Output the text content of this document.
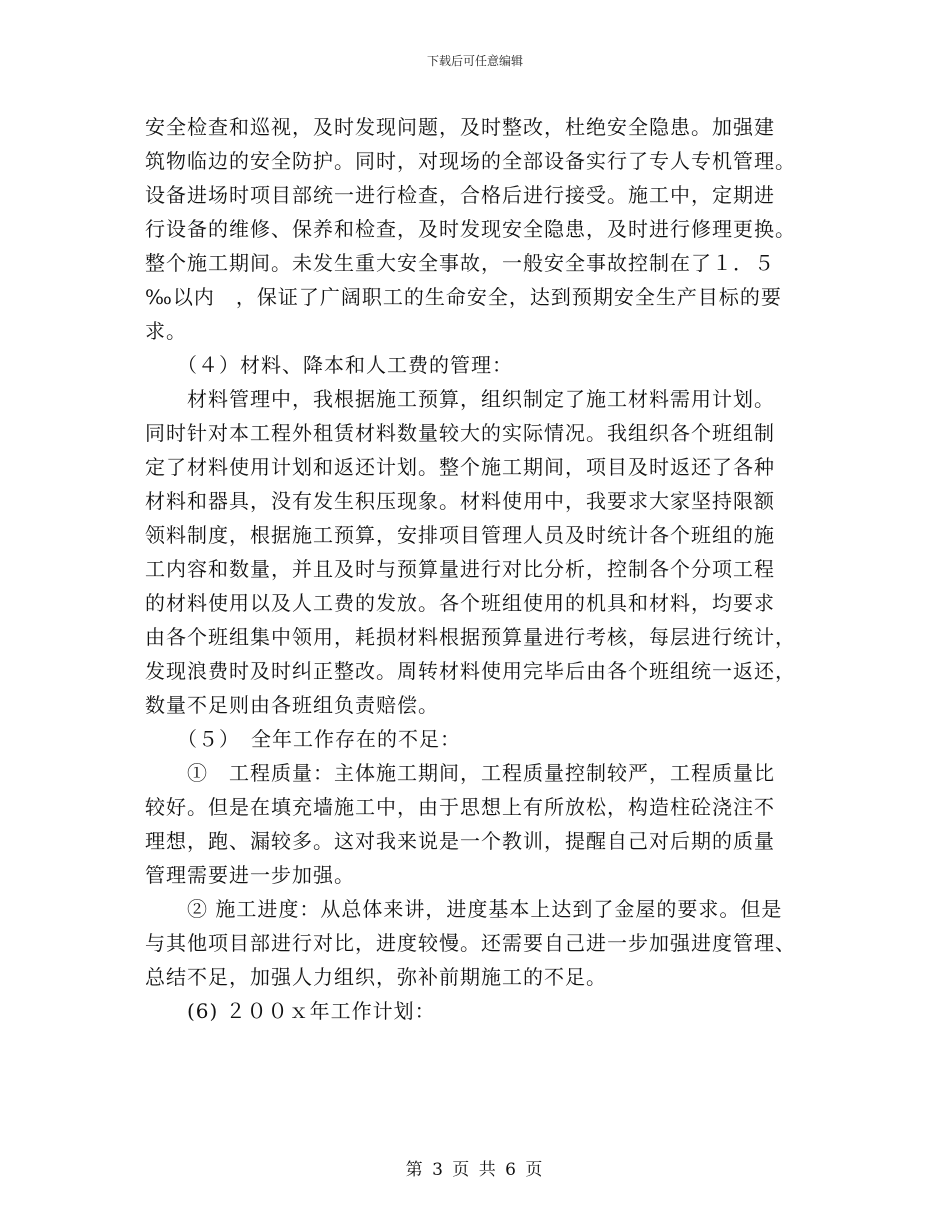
下载后可任意编辑
安全检查和巡视，及时发现问题，及时整改，杜绝安全隐患。加强建
筑物临边的安全防护。同时，对现场的全部设备实行了专人专机管理。
设备进场时项目部统一进行检查，合格后进行接受。施工中，定期进
行设备的维修、保养和检查，及时发现安全隐患，及时进行修理更换。
整个施工期间。未发生重大安全事故，一般安全事故控制在了１．５
‰以内　，保证了广阔职工的生命安全，达到预期安全生产目标的要
求。
　　（４）材料、降本和人工费的管理：
　　材料管理中，我根据施工预算，组织制定了施工材料需用计划。
同时针对本工程外租赁材料数量较大的实际情况。我组织各个班组制
定了材料使用计划和返还计划。整个施工期间，项目及时返还了各种
材料和器具，没有发生积压现象。材料使用中，我要求大家坚持限额
领料制度，根据施工预算，安排项目管理人员及时统计各个班组的施
工内容和数量，并且及时与预算量进行对比分析，控制各个分项工程
的材料使用以及人工费的发放。各个班组使用的机具和材料，均要求
由各个班组集中领用，耗损材料根据预算量进行考核，每层进行统计，
发现浪费时及时纠正整改。周转材料使用完毕后由各个班组统一返还，
数量不足则由各班组负责赔偿。
　　（５）　全年工作存在的不足：
　　①　工程质量：主体施工期间，工程质量控制较严，工程质量比
较好。但是在填充墙施工中，由于思想上有所放松，构造柱砼浇注不
理想，跑、漏较多。这对我来说是一个教训，提醒自己对后期的质量
管理需要进一步加强。
　　② 施工进度：从总体来讲，进度基本上达到了金屋的要求。但是
与其他项目部进行对比，进度较慢。还需要自己进一步加强进度管理、
总结不足，加强人力组织，弥补前期施工的不足。
　　(6) ２００ｘ年工作计划：
第 3 页 共 6 页
